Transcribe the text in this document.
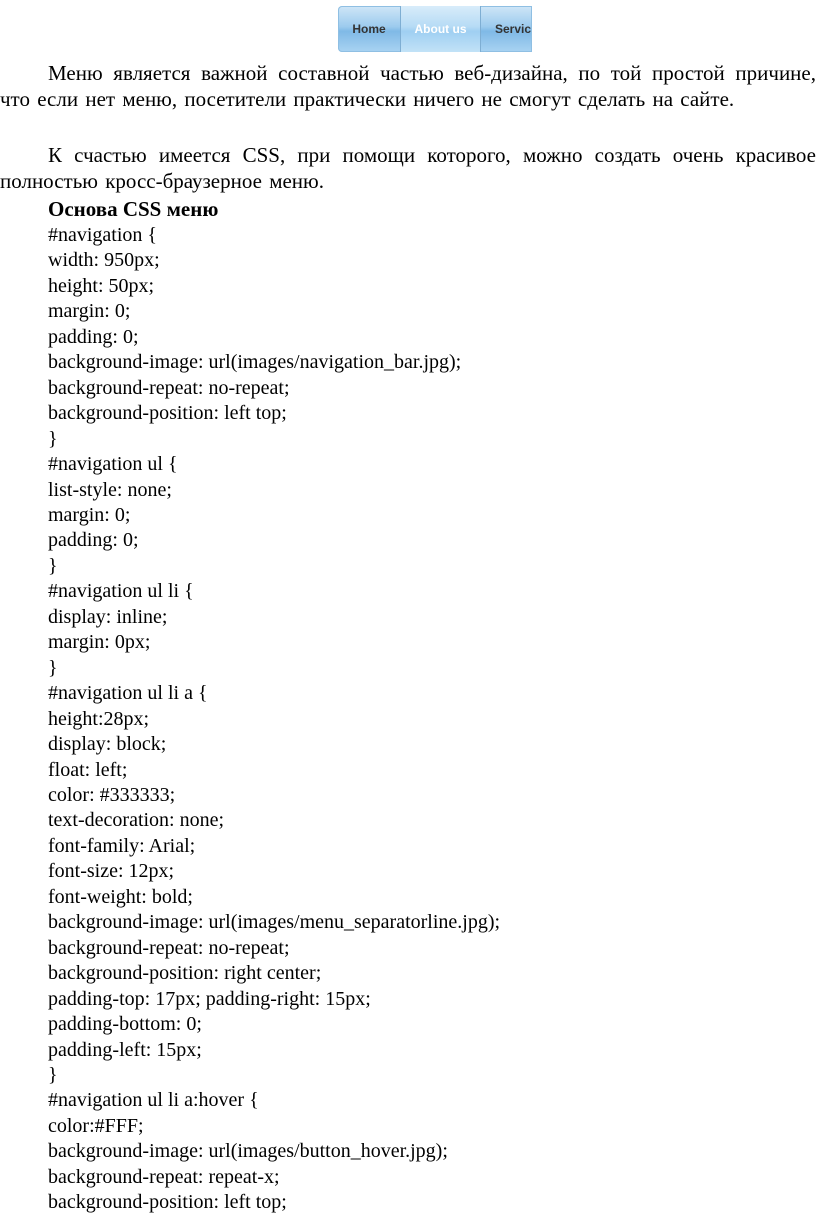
Home	About us	Servic

Меню является важной составной частью веб-дизайна, по той простой причине, что если нет меню, посетители практически ничего не смогут сделать на сайте.

К счастью имеется CSS, при помощи которого, можно создать очень красивое полностью кросс-браузерное меню.

Основа CSS меню

#navigation {
width: 950px;
height: 50px;
margin: 0;
padding: 0;
background-image: url(images/navigation_bar.jpg);
background-repeat: no-repeat;
background-position: left top;
}
#navigation ul {
list-style: none;
margin: 0;
padding: 0;
}
#navigation ul li {
display: inline;
margin: 0px;
}
#navigation ul li a {
height:28px;
display: block;
float: left;
color: #333333;
text-decoration: none;
font-family: Arial;
font-size: 12px;
font-weight: bold;
background-image: url(images/menu_separatorline.jpg);
background-repeat: no-repeat;
background-position: right center;
padding-top: 17px; padding-right: 15px;
padding-bottom: 0;
padding-left: 15px;
}
#navigation ul li a:hover {
color:#FFF;
background-image: url(images/button_hover.jpg);
background-repeat: repeat-x;
background-position: left top;
